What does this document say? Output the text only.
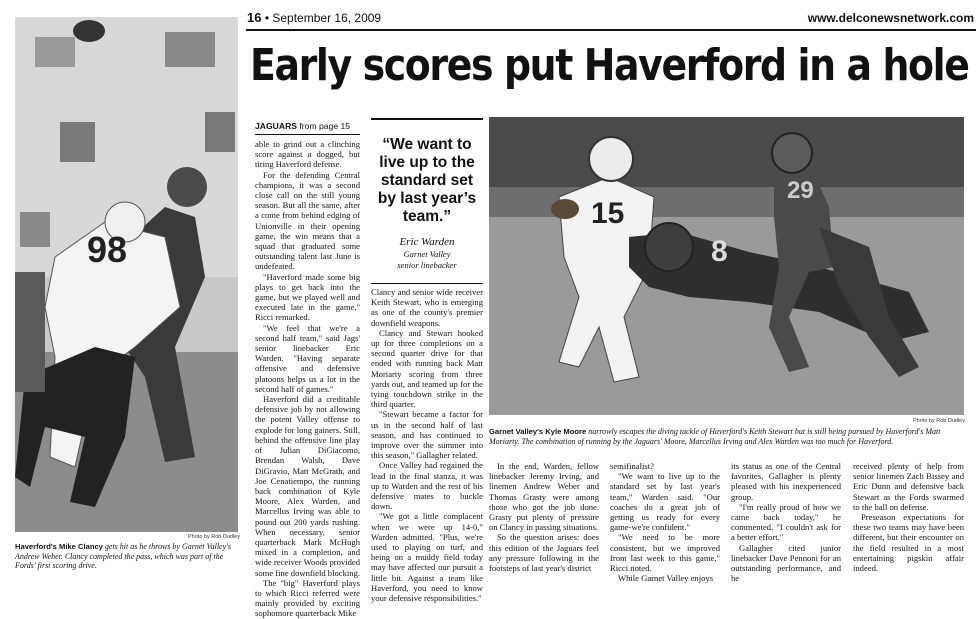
16 • September 16, 2009	www.delconewsnetwork.com
Early scores put Haverford in a hole
98
Photo by Rob Dudley
Haverford's Mike Clancy gets hit as he throws by Garnet Valley's Andrew Weber. Clancy completed the pass, which was part of the Fords' first scoring drive.
JAGUARS from page 15

able to grind out a clinching score against a dogged, but tiring Haverford defense.

For the defending Central champions, it was a second close call on the still young season. But all the same, after a come from behind edging of Unionville in their opening game, the win means that a squad that graduated some outstanding talent last June is undefeated.

"Haverford made some big plays to get back into the game, but we played well and executed late in the game," Ricci remarked.

"We feel that we're a second half team," said Jags' senior linebacker Eric Warden. "Having separate offensive and defensive platoons helps us a lot in the second half of games."

Haverford did a creditable defensive job by not allowing the potent Valley offense to explode for long gainers. Still, behind the offensive line play of Julian DiGiacomo, Brendan Walsh, Dave DiGravio, Matt McGrath, and Joe Cenatiempo, the running back combination of Kyle Moore, Alex Warden, and Marcellus Irving was able to pound out 200 yards rushing. When necessary, senior quarterback Mark McHugh mixed in a completion, and wide receiver Woods provided some fine downfield blocking.

The "big" Haverford plays to which Ricci referred were mainly provided by exciting sophomore quarterback Mike

“We want to live up to the standard set by last year’s team.”
Eric Warden
Garnet Valley
senior linebacker

Clancy and senior wide receiver Keith Stewart, who is emerging as one of the county's premier downfield weapons.

Clancy and Stewart hooked up for three completions on a second quarter drive for that ended with running back Matt Moriarty scoring from three yards out, and teamed up for the tying touchdown strike in the third quarter.

"Stewart became a factor for us in the second half of last season, and has continued to improve over the summer into this season," Gallagher related.

Once Valley had regained the lead in the final stanza, it was up to Warden and the rest of his defensive mates to buckle down.

"We got a little complacent when we were up 14-0," Warden admitted. "Plus, we're used to playing on turf, and being on a muddy field today may have affected our pursuit a little bit. Against a team like Haverford, you need to know your defensive responsibilities."

15
8
29
Photo by Rob Dudley
Garnet Valley's Kyle Moore narrowly escapes the diving tackle of Haverford's Keith Stewart but is still being pursued by Haverford's Matt Moriarty. The combination of running by the Jaguars' Moore, Marcellus Irving and Alex Warden was too much for Haverford.

In the end, Warden, fellow linebacker Jeremy Irving, and linemen Andrew Weber and Thomas Grasty were among those who got the job done. Grasty put plenty of pressure on Clancy in passing situations.

So the question arises: does this edition of the Jaguars feel any pressure following in the footsteps of last year's district

semifinalist?

"We want to live up to the standard set by last year's team," Warden said. "Our coaches do a great job of getting us ready for every game-we're confident."

"We need to be more consistent, but we improved from last week to this game," Ricci noted.

While Garnet Valley enjoys

its status as one of the Central favorites, Gallagher is plenty pleased with his inexperienced group.

"I'm really proud of how we came back today," he commented. "I couldn't ask for a better effort."

Gallagher cited junior linebacker Dave Pennoni for an outstanding performance, and he

received plenty of help from senior linemen Zach Bissey and Eric Dunn and defensive back Stewart as the Fords swarmed to the ball on defense.

Preseason expectations for these two teams may have been different, but their encounter on the field resulted in a most entertaining pigskin affair indeed.
